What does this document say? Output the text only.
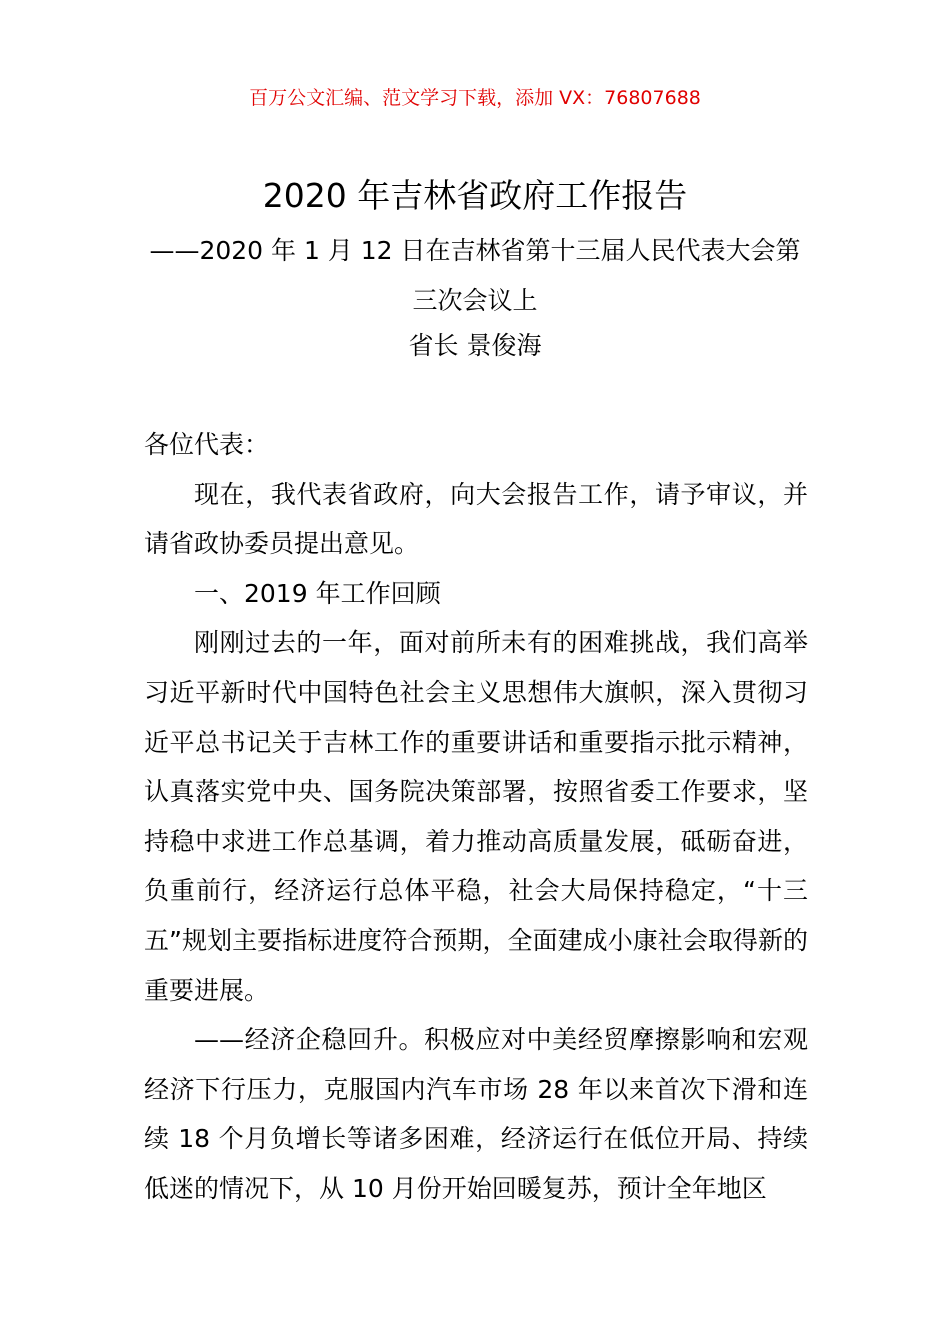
百万公文汇编、范文学习下载，添加 VX：76807688
2020 年吉林省政府工作报告
——2020 年 1 月 12 日在吉林省第十三届人民代表大会第三次会议上
省长 景俊海

各位代表：

现在，我代表省政府，向大会报告工作，请予审议，并请省政协委员提出意见。

一、2019 年工作回顾

刚刚过去的一年，面对前所未有的困难挑战，我们高举习近平新时代中国特色社会主义思想伟大旗帜，深入贯彻习近平总书记关于吉林工作的重要讲话和重要指示批示精神，认真落实党中央、国务院决策部署，按照省委工作要求，坚持稳中求进工作总基调，着力推动高质量发展，砥砺奋进，负重前行，经济运行总体平稳，社会大局保持稳定，“十三五”规划主要指标进度符合预期，全面建成小康社会取得新的重要进展。

——经济企稳回升。积极应对中美经贸摩擦影响和宏观经济下行压力，克服国内汽车市场 28 年以来首次下滑和连续 18 个月负增长等诸多困难，经济运行在低位开局、持续低迷的情况下，从 10 月份开始回暖复苏，预计全年地区
